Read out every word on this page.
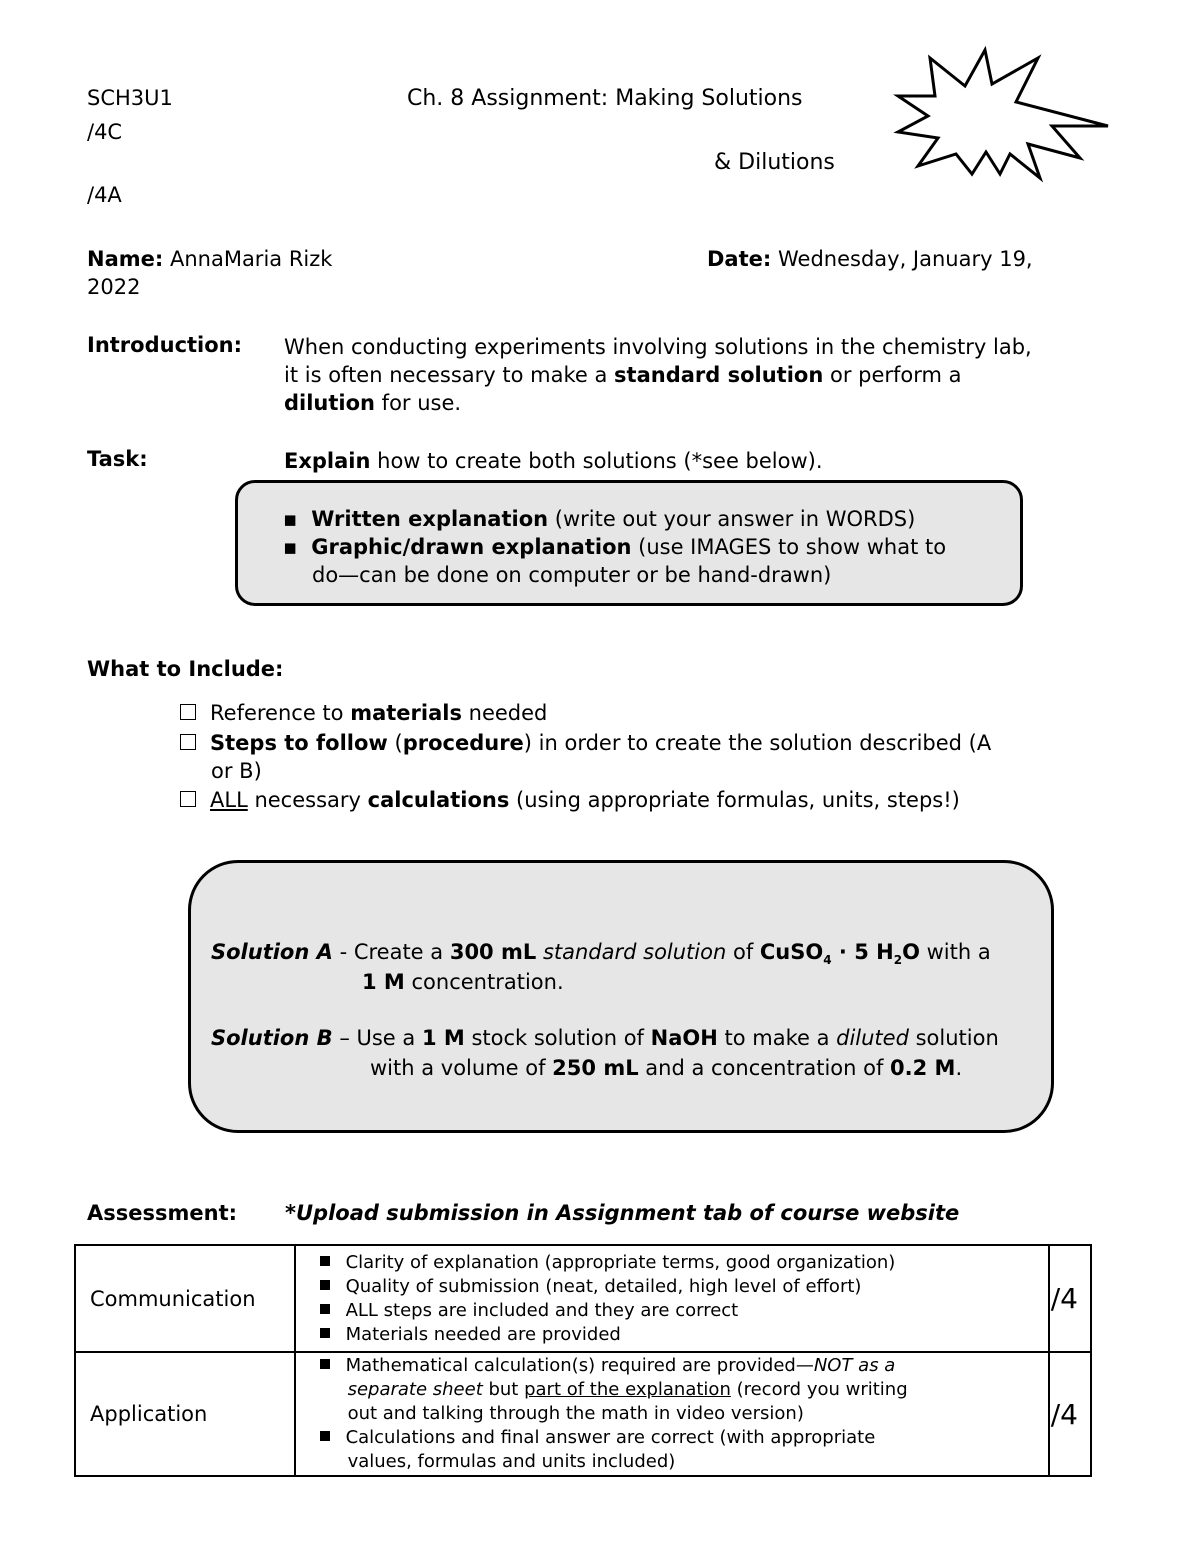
SCH3U1
/4C
/4A
Ch. 8 Assignment: Making Solutions
& Dilutions
Name: AnnaMaria Rizk	Date: Wednesday, January 19,
2022
Introduction: When conducting experiments involving solutions in the chemistry lab,
it is often necessary to make a standard solution or perform a
dilution for use.
Task:	Explain how to create both solutions (*see below).
▪ Written explanation (write out your answer in WORDS)
▪ Graphic/drawn explanation (use IMAGES to show what to
do—can be done on computer or be hand-drawn)
What to Include:
Reference to materials needed
Steps to follow (procedure) in order to create the solution described (A
or B)
ALL necessary calculations (using appropriate formulas, units, steps!)
Solution A - Create a 300 mL standard solution of CuSO$_4$ · 5 $H_2O$ with a
1 M concentration.
Solution B – Use a 1 M stock solution of NaOH to make a diluted solution
with a volume of 250 mL and a concentration of 0.2 M.
Assessment: *Upload submission in Assignment tab of course website
Communication	Clarity of explanation (appropriate terms, good organization)
Quality of submission (neat, detailed, high level of effort)
ALL steps are included and they are correct
Materials needed are provided	/4
Application	Mathematical calculation(s) required are provided—NOT as a
separate sheet but part of the explanation (record you writing
out and talking through the math in video version)
Calculations and final answer are correct (with appropriate
values, formulas and units included)	/4
